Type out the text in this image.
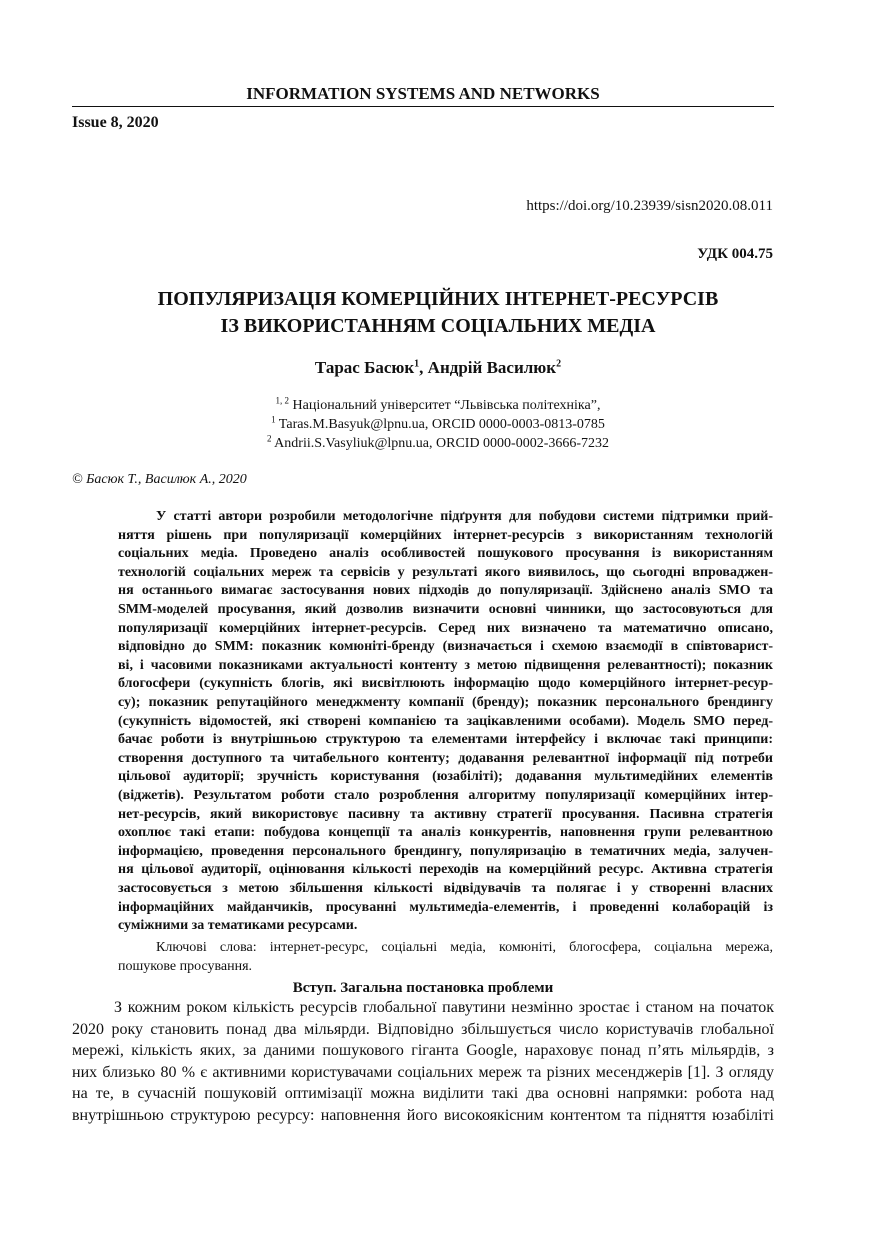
INFORMATION SYSTEMS AND NETWORKS
Issue 8, 2020
https://doi.org/10.23939/sisn2020.08.011
УДК 004.75
ПОПУЛЯРИЗАЦІЯ КОМЕРЦІЙНИХ ІНТЕРНЕТ-РЕСУРСІВ
ІЗ ВИКОРИСТАННЯМ СОЦІАЛЬНИХ МЕДІА
Тарас Басюк$^1$, Андрій Василюк$^2$
$^{1, 2}$ Національний університет “Львівська політехніка”,
$^1$ Taras.M.Basyuk@lpnu.ua, ORCID 0000-0003-0813-0785
$^2$ Andrii.S.Vasyliuk@lpnu.ua, ORCID 0000-0002-3666-7232
© Басюк Т., Василюк А., 2020
У статті автори розробили методологічне підґрунтя для побудови системи підтримки прий-
няття рішень при популяризації комерційних інтернет-ресурсів з використанням технологій
соціальних медіа. Проведено аналіз особливостей пошукового просування із використанням
технологій соціальних мереж та сервісів у результаті якого виявилось, що сьогодні впроваджен-
ня останнього вимагає застосування нових підходів до популяризації. Здійснено аналіз SMO та
SMM-моделей просування, який дозволив визначити основні чинники, що застосовуються для
популяризації комерційних інтернет-ресурсів. Серед них визначено та математично описано,
відповідно до SMM: показник комюніті-бренду (визначається і схемою взаємодії в співтоварист-
ві, і часовими показниками актуальності контенту з метою підвищення релевантності); показник
блогосфери (сукупність блогів, які висвітлюють інформацію щодо комерційного інтернет-ресур-
су); показник репутаційного менеджменту компанії (бренду); показник персонального брендингу
(сукупність відомостей, які створені компанією та зацікавленими особами). Модель SMO перед-
бачає роботи із внутрішньою структурою та елементами інтерфейсу і включає такі принципи:
створення доступного та читабельного контенту; додавання релевантної інформації під потреби
цільової аудиторії; зручність користування (юзабіліті); додавання мультимедійних елементів
(віджетів). Результатом роботи стало розроблення алгоритму популяризації комерційних інтер-
нет-ресурсів, який використовує пасивну та активну стратегії просування. Пасивна стратегія
охоплює такі етапи: побудова концепції та аналіз конкурентів, наповнення групи релевантною
інформацією, проведення персонального брендингу, популяризацію в тематичних медіа, залучен-
ня цільової аудиторії, оцінювання кількості переходів на комерційний ресурс. Активна стратегія
застосовується з метою збільшення кількості відвідувачів та полягає і у створенні власних
інформаційних майданчиків, просуванні мультимедіа-елементів, і проведенні колаборацій із
суміжними за тематиками ресурсами.
Ключові слова: інтернет-ресурс, соціальні медіа, комюніті, блогосфера, соціальна мережа,
пошукове просування.
Вступ. Загальна постановка проблеми
З кожним роком кількість ресурсів глобальної павутини незмінно зростає і станом на початок
2020 року становить понад два мільярди. Відповідно збільшується число користувачів глобальної
мережі, кількість яких, за даними пошукового гіганта Google, нараховує понад п’ять мільярдів, з
них близько 80 % є активними користувачами соціальних мереж та різних месенджерів [1]. З огляду
на те, в сучасній пошуковій оптимізації можна виділити такі два основні напрямки: робота над
внутрішньою структурою ресурсу: наповнення його високоякісним контентом та підняття юзабіліті
